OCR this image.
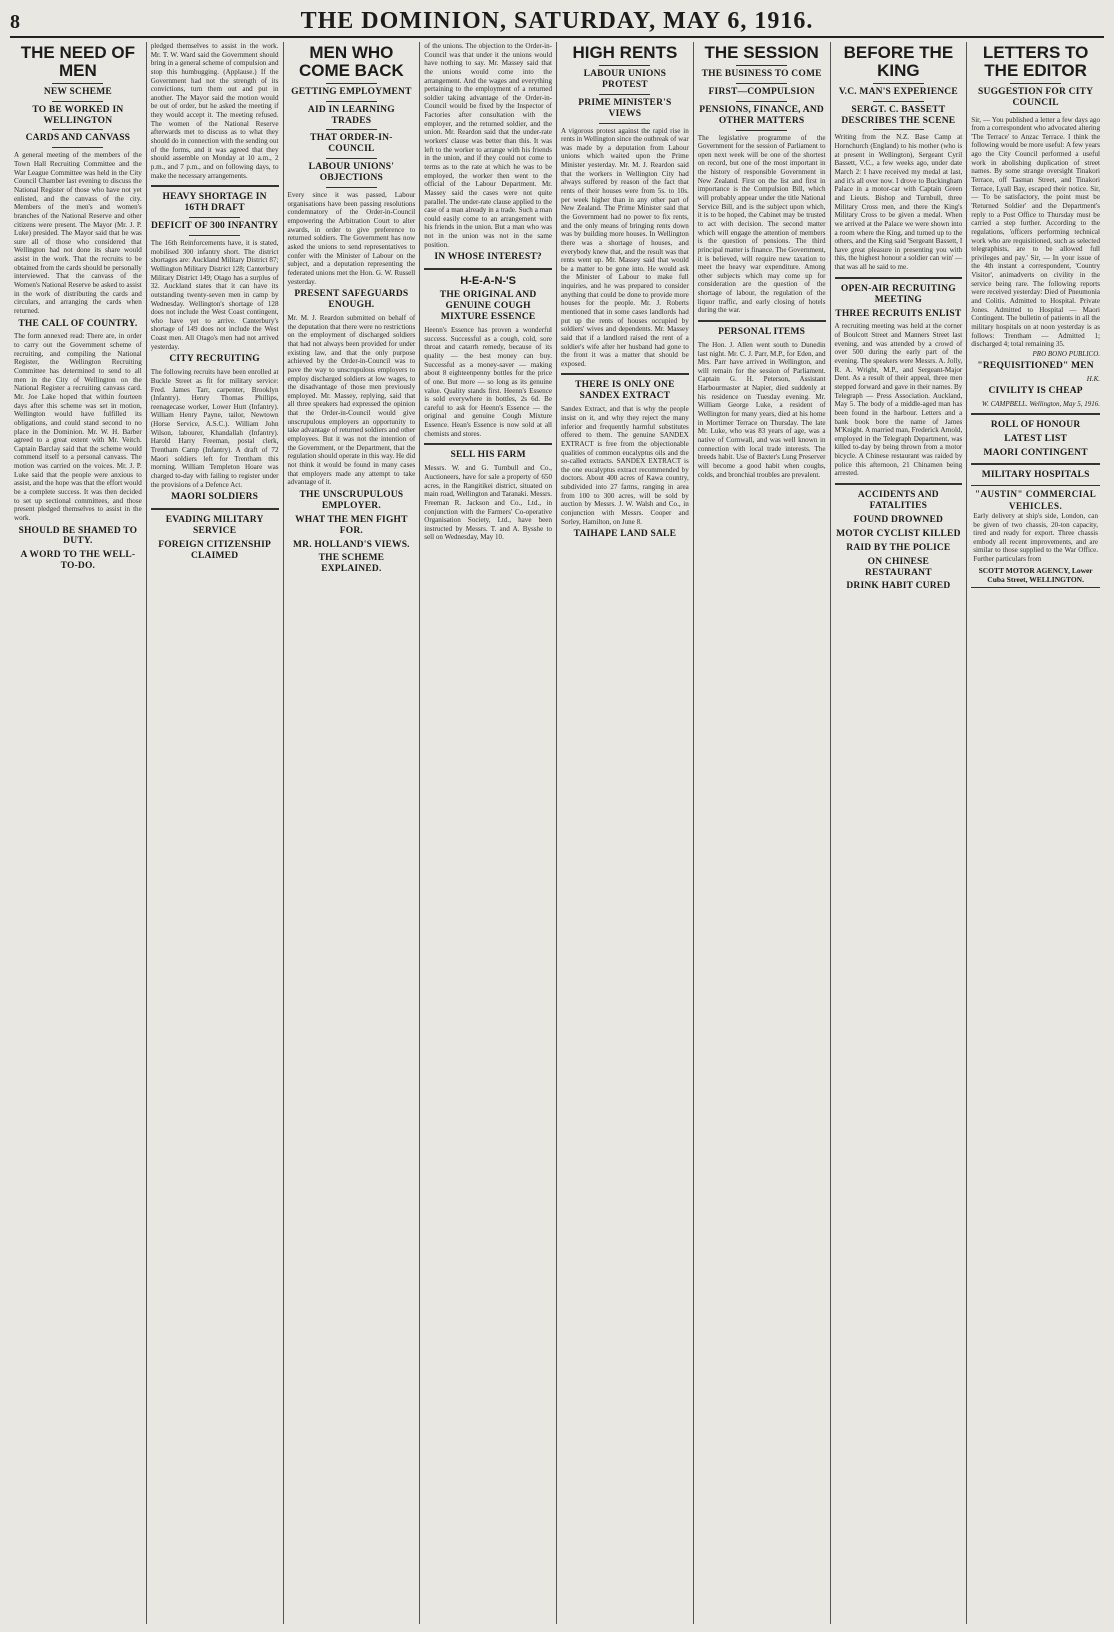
8	THE DOMINION, SATURDAY, MAY 6, 1916.
THE NEED OF MEN
NEW SCHEME
TO BE WORKED IN WELLINGTON
CARDS AND CANVASS
A general meeting of the members of the Town Hall Recruiting Committee and the War League Committee was held in the City Council Chamber last evening to discuss the National Register of those who have not yet enlisted, and the canvass of the city. Members of the men's and women's branches of the National Reserve and other citizens were present. The Mayor (Mr. J. P. Luke) presided. The Mayor said that he was sure all of those who considered that Wellington had not done its share would assist in the work. That the recruits to be obtained from the cards should be personally interviewed. That the canvass of the Women's National Reserve be asked to assist in the work of distributing the cards and circulars, and arranging the cards when returned.
THE CALL OF COUNTRY.
The form annexed read: There are, in order to carry out the Government scheme of recruiting, and compiling the National Register, the Wellington Recruiting Committee has determined to send to all men in the City of Wellington on the National Register a recruiting canvass card. Mr. Joe Lake hoped that within fourteen days after this scheme was set in motion, Wellington would have fulfilled its obligations, and could stand second to no place in the Dominion. Mr. W. H. Barber agreed to a great extent with Mr. Veitch. Captain Barclay said that the scheme would commend itself to a personal canvass. The motion was carried on the voices. Mr. J. P. Luke said that the people were anxious to assist, and the hope was that the effort would be a complete success. It was then decided to set up sectional committees, and those present pledged themselves to assist in the work.
SHOULD BE SHAMED TO DUTY.
A WORD TO THE WELL-TO-DO.
pledged themselves to assist in the work. Mr. T. W. Ward said the Government should bring in a general scheme of compulsion and stop this humbugging. (Applause.) If the Government had not the strength of its convictions, turn them out and put in another. The Mayor said the motion would be out of order, but he asked the meeting if they would accept it. The meeting refused. The women of the National Reserve afterwards met to discuss as to what they should do in connection with the sending out of the forms, and it was agreed that they should assemble on Monday at 10 a.m., 2 p.m., and 7 p.m., and on following days, to make the necessary arrangements.
HEAVY SHORTAGE IN 16TH DRAFT
DEFICIT OF 300 INFANTRY
The 16th Reinforcements have, it is stated, mobilised 300 infantry short. The district shortages are: Auckland Military District 87; Wellington Military District 128; Canterbury Military District 149; Otago has a surplus of 32. Auckland states that it can have its outstanding twenty-seven men in camp by Wednesday. Wellington's shortage of 128 does not include the West Coast contingent, who have yet to arrive. Canterbury's shortage of 149 does not include the West Coast men. All Otago's men had not arrived yesterday.
CITY RECRUITING
The following recruits have been enrolled at Buckle Street as fit for military service: Fred. James Tarr, carpenter, Brooklyn (Infantry). Henry Thomas Phillips, reenagecase worker, Lower Hutt (Infantry). William Henry Payne, tailor, Newtown (Horse Service, A.S.C.). William John Wilson, labourer, Khandallah (Infantry). Harold Harry Freeman, postal clerk, Trentham Camp (Infantry). A draft of 72 Maori soldiers left for Trentham this morning. William Templeton Hoare was charged to-day with failing to register under the provisions of a Defence Act.
MAORI SOLDIERS
EVADING MILITARY SERVICE
FOREIGN CITIZENSHIP CLAIMED
MEN WHO COME BACK
GETTING EMPLOYMENT
AID IN LEARNING TRADES
THAT ORDER-IN-COUNCIL
LABOUR UNIONS' OBJECTIONS
Every since it was passed, Labour organisations have been passing resolutions condemnatory of the Order-in-Council empowering the Arbitration Court to alter awards, in order to give preference to returned soldiers. The Government has now asked the unions to send representatives to confer with the Minister of Labour on the subject, and a deputation representing the federated unions met the Hon. G. W. Russell yesterday.
PRESENT SAFEGUARDS ENOUGH.
Mr. M. J. Reardon submitted on behalf of the deputation that there were no restrictions on the employment of discharged soldiers that had not always been provided for under existing law, and that the only purpose achieved by the Order-in-Council was to pave the way to unscrupulous employers to employ discharged soldiers at low wages, to the disadvantage of those men previously employed. Mr. Massey, replying, said that all three speakers had expressed the opinion that the Order-in-Council would give unscrupulous employers an opportunity to take advantage of returned soldiers and other employees. But it was not the intention of the Government, or the Department, that the regulation should operate in this way. He did not think it would be found in many cases that employers made any attempt to take advantage of it.
THE UNSCRUPULOUS EMPLOYER.
WHAT THE MEN FIGHT FOR.
MR. HOLLAND'S VIEWS.
THE SCHEME EXPLAINED.
of the unions. The objection to the Order-in-Council was that under it the unions would have nothing to say. Mr. Massey said that the unions would come into the arrangement. And the wages and everything pertaining to the employment of a returned soldier taking advantage of the Order-in-Council would be fixed by the Inspector of Factories after consultation with the employer, and the returned soldier, and the union. Mr. Reardon said that the under-rate workers' clause was better than this. It was left to the worker to arrange with his friends in the union, and if they could not come to terms as to the rate at which he was to be employed, the worker then went to the official of the Labour Department. Mr. Massey said the cases were not quite parallel. The under-rate clause applied to the case of a man already in a trade. Such a man could easily come to an arrangement with his friends in the union. But a man who was not in the union was not in the same position.
IN WHOSE INTEREST?
H-E-A-N-'S
THE ORIGINAL AND GENUINE COUGH MIXTURE ESSENCE
Heenn's Essence has proven a wonderful success. Successful as a cough, cold, sore throat and catarrh remedy, because of its quality — the best money can buy. Successful as a money-saver — making about 8 eighteenpenny bottles for the price of one. But more — so long as its genuine value. Quality stands first. Heenn's Essence is sold everywhere in bottles, 2s 6d. Be careful to ask for Heenn's Essence — the original and genuine Cough Mixture Essence. Hean's Essence is now sold at all chemists and stores.
SELL HIS FARM
Messrs. W. and G. Turnbull and Co., Auctioneers, have for sale a property of 650 acres, in the Rangitikei district, situated on main road, Wellington and Taranaki. Messrs. Freeman R. Jackson and Co., Ltd., in conjunction with the Farmers' Co-operative Organisation Society, Ltd., have been instructed by Messrs. T. and A. Bysshe to sell on Wednesday, May 10.
HIGH RENTS
LABOUR UNIONS PROTEST
PRIME MINISTER'S VIEWS
A vigorous protest against the rapid rise in rents in Wellington since the outbreak of war was made by a deputation from Labour unions which waited upon the Prime Minister yesterday. Mr. M. J. Reardon said that the workers in Wellington City had always suffered by reason of the fact that rents of their houses were from 5s. to 10s. per week higher than in any other part of New Zealand. The Prime Minister said that the Government had no power to fix rents, and the only means of bringing rents down was by building more houses. In Wellington there was a shortage of houses, and everybody knew that, and the result was that rents went up. Mr. Massey said that would be a matter to be gone into. He would ask the Minister of Labour to make full inquiries, and he was prepared to consider anything that could be done to provide more houses for the people. Mr. J. Roberts mentioned that in some cases landlords had put up the rents of houses occupied by soldiers' wives and dependents. Mr. Massey said that if a landlord raised the rent of a soldier's wife after her husband had gone to the front it was a matter that should be exposed.
THERE IS ONLY ONE SANDEX EXTRACT
Sandex Extract, and that is why the people insist on it, and why they reject the many inferior and frequently harmful substitutes offered to them. The genuine SANDEX EXTRACT is free from the objectionable qualities of common eucalyptus oils and the so-called extracts. SANDEX EXTRACT is the one eucalyptus extract recommended by doctors. About 400 acres of Kawa country, subdivided into 27 farms, ranging in area from 100 to 300 acres, will be sold by auction by Messrs. J. W. Walsh and Co., in conjunction with Messrs. Cooper and Sorley, Hamilton, on June 8.
TAIHAPE LAND SALE
THE SESSION
THE BUSINESS TO COME
FIRST—COMPULSION
PENSIONS, FINANCE, AND OTHER MATTERS
The legislative programme of the Government for the session of Parliament to open next week will be one of the shortest on record, but one of the most important in the history of responsible Government in New Zealand. First on the list and first in importance is the Compulsion Bill, which will probably appear under the title National Service Bill, and is the subject upon which, it is to be hoped, the Cabinet may be trusted to act with decision. The second matter which will engage the attention of members is the question of pensions. The third principal matter is finance. The Government, it is believed, will require new taxation to meet the heavy war expenditure. Among other subjects which may come up for consideration are the question of the shortage of labour, the regulation of the liquor traffic, and early closing of hotels during the war.
PERSONAL ITEMS
The Hon. J. Allen went south to Dunedin last night. Mr. C. J. Parr, M.P., for Eden, and Mrs. Parr have arrived in Wellington, and will remain for the session of Parliament. Captain G. H. Peterson, Assistant Harbourmaster at Napier, died suddenly at his residence on Tuesday evening. Mr. William George Luke, a resident of Wellington for many years, died at his home in Mortimer Terrace on Thursday. The late Mr. Luke, who was 83 years of age, was a native of Cornwall, and was well known in connection with local trade interests. The breeds habit. Use of Baxter's Lung Preserver will become a good habit when coughs, colds, and bronchial troubles are prevalent.
BEFORE THE KING
V.C. MAN'S EXPERIENCE
SERGT. C. BASSETT DESCRIBES THE SCENE
Writing from the N.Z. Base Camp at Hornchurch (England) to his mother (who is at present in Wellington), Sergeant Cyril Bassett, V.C., a few weeks ago, under date March 2: I have received my medal at last, and it's all over now. I drove to Buckingham Palace in a motor-car with Captain Green and Lieuts. Bishop and Turnbull, three Military Cross men, and there the King's Military Cross to be given a medal. When we arrived at the Palace we were shown into a room where the King, and turned up to the others, and the King said 'Sergeant Bassett, I have great pleasure in presenting you with this, the highest honour a soldier can win' — that was all he said to me.
OPEN-AIR RECRUITING MEETING
THREE RECRUITS ENLIST
A recruiting meeting was held at the corner of Boulcott Street and Manners Street last evening, and was attended by a crowd of over 500 during the early part of the evening. The speakers were Messrs. A. Jolly, R. A. Wright, M.P., and Sergeant-Major Dent. As a result of their appeal, three men stepped forward and gave in their names. By Telegraph — Press Association. Auckland, May 5. The body of a middle-aged man has been found in the harbour. Letters and a bank book bore the name of James M'Knight. A married man, Frederick Arnold, employed in the Telegraph Department, was killed to-day by being thrown from a motor bicycle. A Chinese restaurant was raided by police this afternoon, 21 Chinamen being arrested.
ACCIDENTS AND FATALITIES
FOUND DROWNED
MOTOR CYCLIST KILLED
RAID BY THE POLICE
ON CHINESE RESTAURANT
DRINK HABIT CURED
LETTERS TO THE EDITOR
SUGGESTION FOR CITY COUNCIL
Sir, — You published a letter a few days ago from a correspondent who advocated altering 'The Terrace' to Anzac Terrace. I think the following would be more useful: A few years ago the City Council performed a useful work in abolishing duplication of street names. By some strange oversight Tinakori Terrace, off Tasman Street, and Tinakori Terrace, Lyall Bay, escaped their notice. Sir, — To be satisfactory, the point must be 'Returned Soldier' and the Department's reply to a Post Office to Thursday must be carried a step further. According to the regulations, 'officers performing technical work who are requisitioned, such as selected telegraphists, are to be allowed full privileges and pay.' Sir, — In your issue of the 4th instant a correspondent, 'Country Visitor', animadverts on civility in the service being rare. The following reports were received yesterday: Died of Pneumonia and Colitis. Admitted to Hospital. Private Jones. Admitted to Hospital — Maori Contingent. The bulletin of patients in all the military hospitals on at noon yesterday is as follows: Trentham — Admitted 1; discharged 4; total remaining 35.
PRO BONO PUBLICO.
"REQUISITIONED" MEN
H.K.
CIVILITY IS CHEAP
W. CAMPBELL. Wellington, May 5, 1916.
ROLL OF HONOUR
LATEST LIST
MAORI CONTINGENT
MILITARY HOSPITALS
"AUSTIN" COMMERCIAL VEHICLES.
Early delivery at ship's side, London, can be given of two chassis, 20-ton capacity, tired and ready for export. Three chassis embody all recent improvements, and are similar to those supplied to the War Office. Further particulars from
SCOTT MOTOR AGENCY, Lower Cuba Street, WELLINGTON.
